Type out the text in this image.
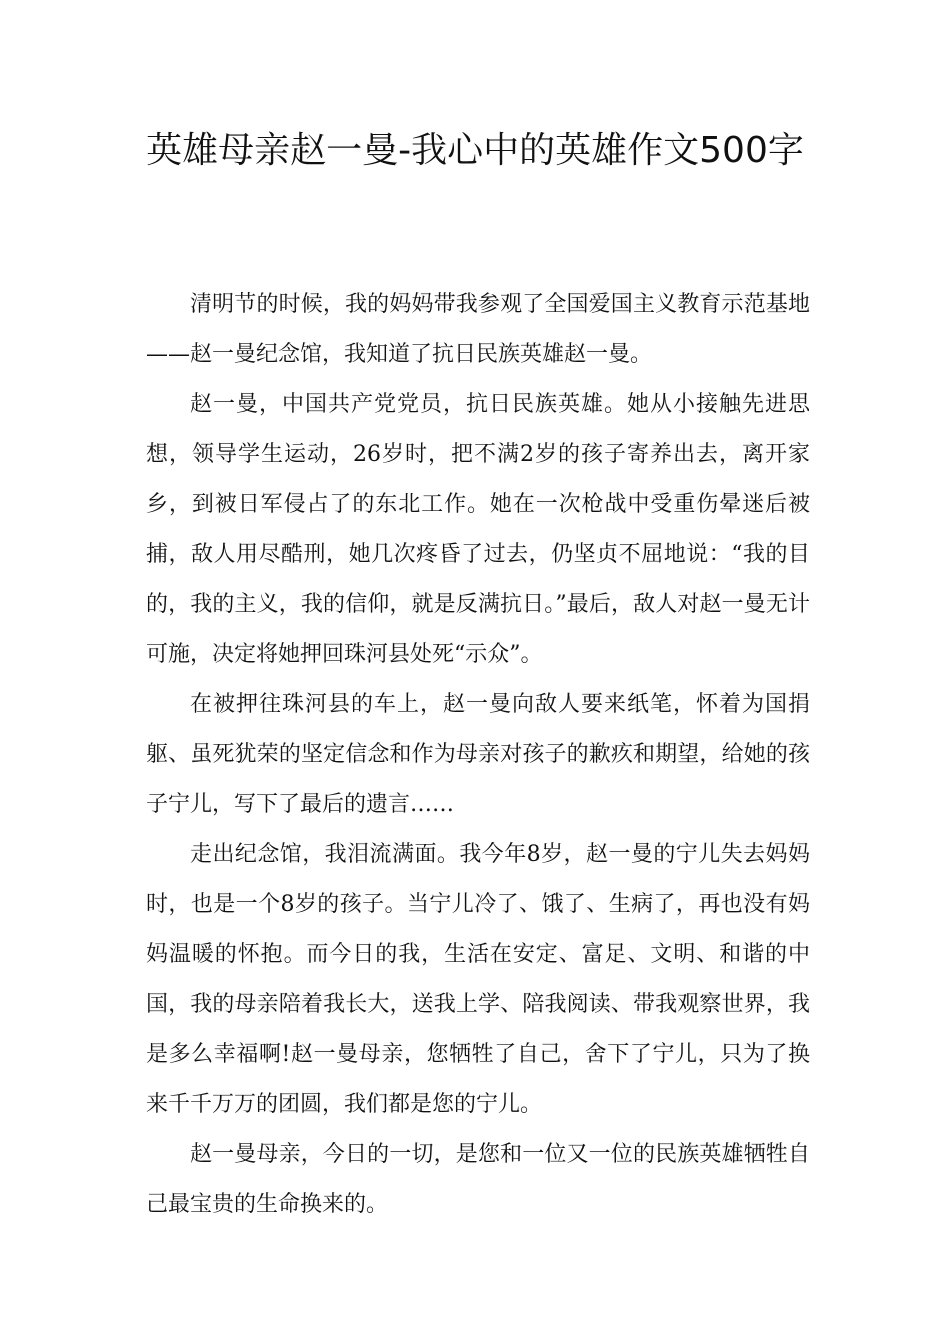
英雄母亲赵一曼-我心中的英雄作文500字

清明节的时候，我的妈妈带我参观了全国爱国主义教育示范基地——赵一曼纪念馆，我知道了抗日民族英雄赵一曼。

赵一曼，中国共产党党员，抗日民族英雄。她从小接触先进思想，领导学生运动，26岁时，把不满2岁的孩子寄养出去，离开家乡，到被日军侵占了的东北工作。她在一次枪战中受重伤晕迷后被捕，敌人用尽酷刑，她几次疼昏了过去，仍坚贞不屈地说：“我的目的，我的主义，我的信仰，就是反满抗日。”最后，敌人对赵一曼无计可施，决定将她押回珠河县处死“示众”。

在被押往珠河县的车上，赵一曼向敌人要来纸笔，怀着为国捐躯、虽死犹荣的坚定信念和作为母亲对孩子的歉疚和期望，给她的孩子宁儿，写下了最后的遗言……

走出纪念馆，我泪流满面。我今年8岁，赵一曼的宁儿失去妈妈时，也是一个8岁的孩子。当宁儿冷了、饿了、生病了，再也没有妈妈温暖的怀抱。而今日的我，生活在安定、富足、文明、和谐的中国，我的母亲陪着我长大，送我上学、陪我阅读、带我观察世界，我是多么幸福啊!赵一曼母亲，您牺牲了自己，舍下了宁儿，只为了换来千千万万的团圆，我们都是您的宁儿。

赵一曼母亲，今日的一切，是您和一位又一位的民族英雄牺牲自己最宝贵的生命换来的。
